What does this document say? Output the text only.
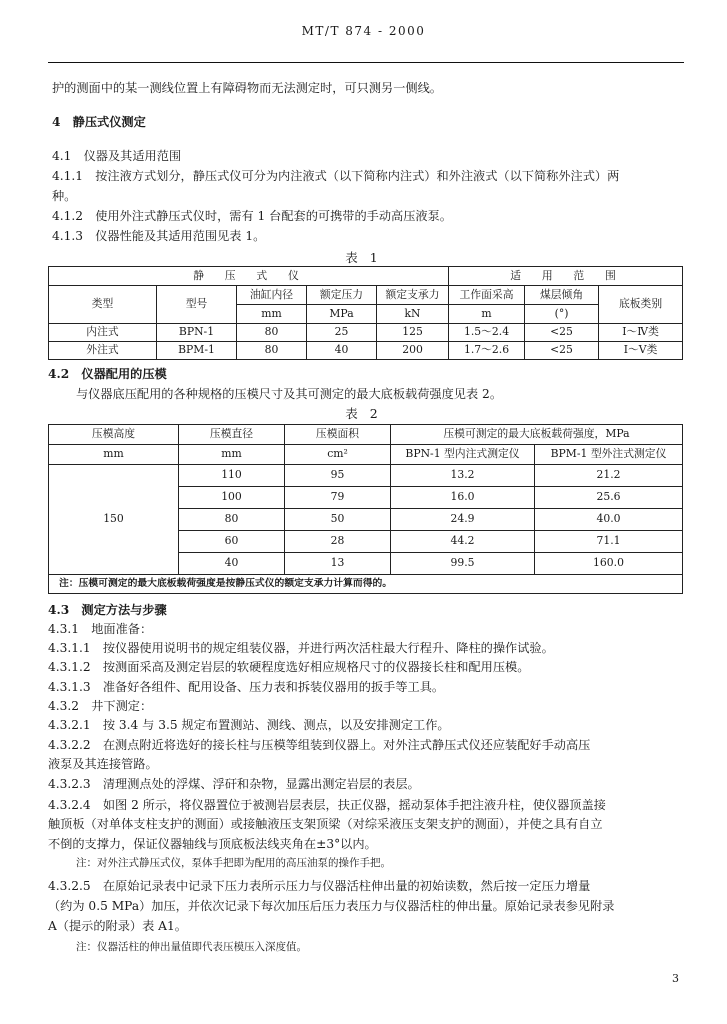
MT/T 874 - 2000
护的测面中的某一测线位置上有障碍物而无法测定时，可只测另一侧线。
4　静压式仪测定
4.1　仪器及其适用范围
4.1.1　按注液方式划分，静压式仪可分为内注液式（以下简称内注式）和外注液式（以下简称外注式）两
种。
4.1.2　使用外注式静压式仪时，需有 1 台配套的可携带的手动高压液泵。
4.1.3　仪器性能及其适用范围见表 1。
表 1
静　压　式　仪					适　用　范　围		
类型	型号	油缸内径	额定压力	额定支承力	工作面采高	煤层倾角	底板类别
		mm	MPa	kN	m	(°)	
内注式	BPN-1	80	25	125	1.5～2.4	<25	Ⅰ～Ⅳ类
外注式	BPM-1	80	40	200	1.7～2.6	<25	Ⅰ～Ⅴ类
4.2　仪器配用的压模
与仪器底压配用的各种规格的压模尺寸及其可测定的最大底板载荷强度见表 2。
表 2
压模高度	压模直径	压模面积	压模可测定的最大底板载荷强度，MPa	
mm	mm	cm²	BPN-1 型内注式测定仪	BPM-1 型外注式测定仪
150	110	95	13.2	21.2
	100	79	16.0	25.6
	80	50	24.9	40.0
	60	28	44.2	71.1
	40	13	99.5	160.0
注：压模可测定的最大底板载荷强度是按静压式仪的额定支承力计算而得的。				
4.3　测定方法与步骤
4.3.1　地面准备：
4.3.1.1　按仪器使用说明书的规定组装仪器，并进行两次活柱最大行程升、降柱的操作试验。
4.3.1.2　按测面采高及测定岩层的软硬程度选好相应规格尺寸的仪器接长柱和配用压模。
4.3.1.3　准备好各组件、配用设备、压力表和拆装仪器用的扳手等工具。
4.3.2　井下测定：
4.3.2.1　按 3.4 与 3.5 规定布置测站、测线、测点，以及安排测定工作。
4.3.2.2　在测点附近将选好的接长柱与压模等组装到仪器上。对外注式静压式仪还应装配好手动高压
液泵及其连接管路。
4.3.2.3　清理测点处的浮煤、浮矸和杂物，显露出测定岩层的表层。
4.3.2.4　如图 2 所示，将仪器置位于被测岩层表层，扶正仪器，摇动泵体手把注液升柱，使仪器顶盖接
触顶板（对单体支柱支护的测面）或接触液压支架顶梁（对综采液压支架支护的测面），并使之具有自立
不倒的支撑力，保证仪器轴线与顶底板法线夹角在±3°以内。
注：对外注式静压式仪，泵体手把即为配用的高压油泵的操作手把。
4.3.2.5　在原始记录表中记录下压力表所示压力与仪器活柱伸出量的初始读数，然后按一定压力增量
（约为 0.5 MPa）加压，并依次记录下每次加压后压力表压力与仪器活柱的伸出量。原始记录表参见附录
A（提示的附录）表 A1。
注：仪器活柱的伸出量值即代表压模压入深度值。
3
